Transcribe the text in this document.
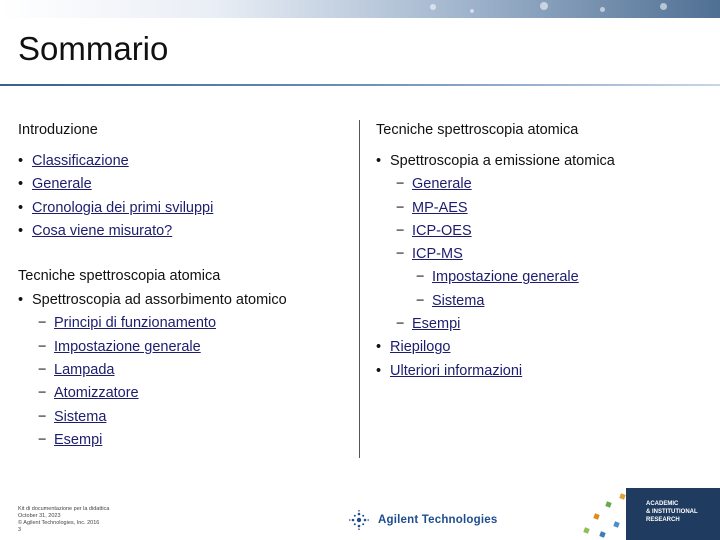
Sommario
Introduzione
• Classificazione
• Generale
• Cronologia dei primi sviluppi
• Cosa viene misurato?
Tecniche spettroscopia atomica
• Spettroscopia ad assorbimento atomico
− Principi di funzionamento
− Impostazione generale
− Lampada
− Atomizzatore
− Sistema
− Esempi
Tecniche spettroscopia atomica
• Spettroscopia a emissione atomica
− Generale
− MP-AES
− ICP-OES
− ICP-MS
− Impostazione generale
− Sistema
− Esempi
• Riepilogo
• Ulteriori informazioni
Kit di documentazione per la didattica
October 31, 2023
© Agilent Technologies, Inc. 2016
3
Agilent Technologies
ACADEMIC
& INSTITUTIONAL
RESEARCH
